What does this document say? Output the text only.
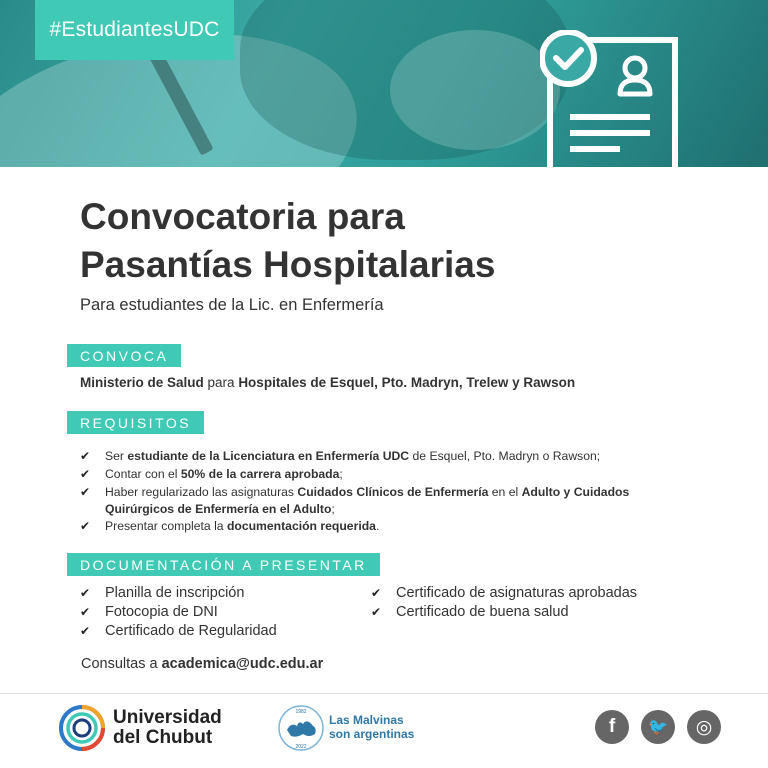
#EstudiantesUDC
Convocatoria para
Pasantías Hospitalarias
Para estudiantes de la Lic. en Enfermería
CONVOCA
Ministerio de Salud para Hospitales de Esquel, Pto. Madryn, Trelew y Rawson
REQUISITOS
✔ Ser estudiante de la Licenciatura en Enfermería UDC de Esquel, Pto. Madryn o Rawson;
✔ Contar con el 50% de la carrera aprobada;
✔ Haber regularizado las asignaturas Cuidados Clínicos de Enfermería en el Adulto y Cuidados
Quirúrgicos de Enfermería en el Adulto;
✔ Presentar completa la documentación requerida.
DOCUMENTACIÓN A PRESENTAR
✔ Planilla de inscripción
✔ Fotocopia de DNI
✔ Certificado de Regularidad
✔ Certificado de asignaturas aprobadas
✔ Certificado de buena salud
Consultas a academica@udc.edu.ar
Universidad
del Chubut
1982
2022
Las Malvinas
son argentinas	f 🐦 ◎
